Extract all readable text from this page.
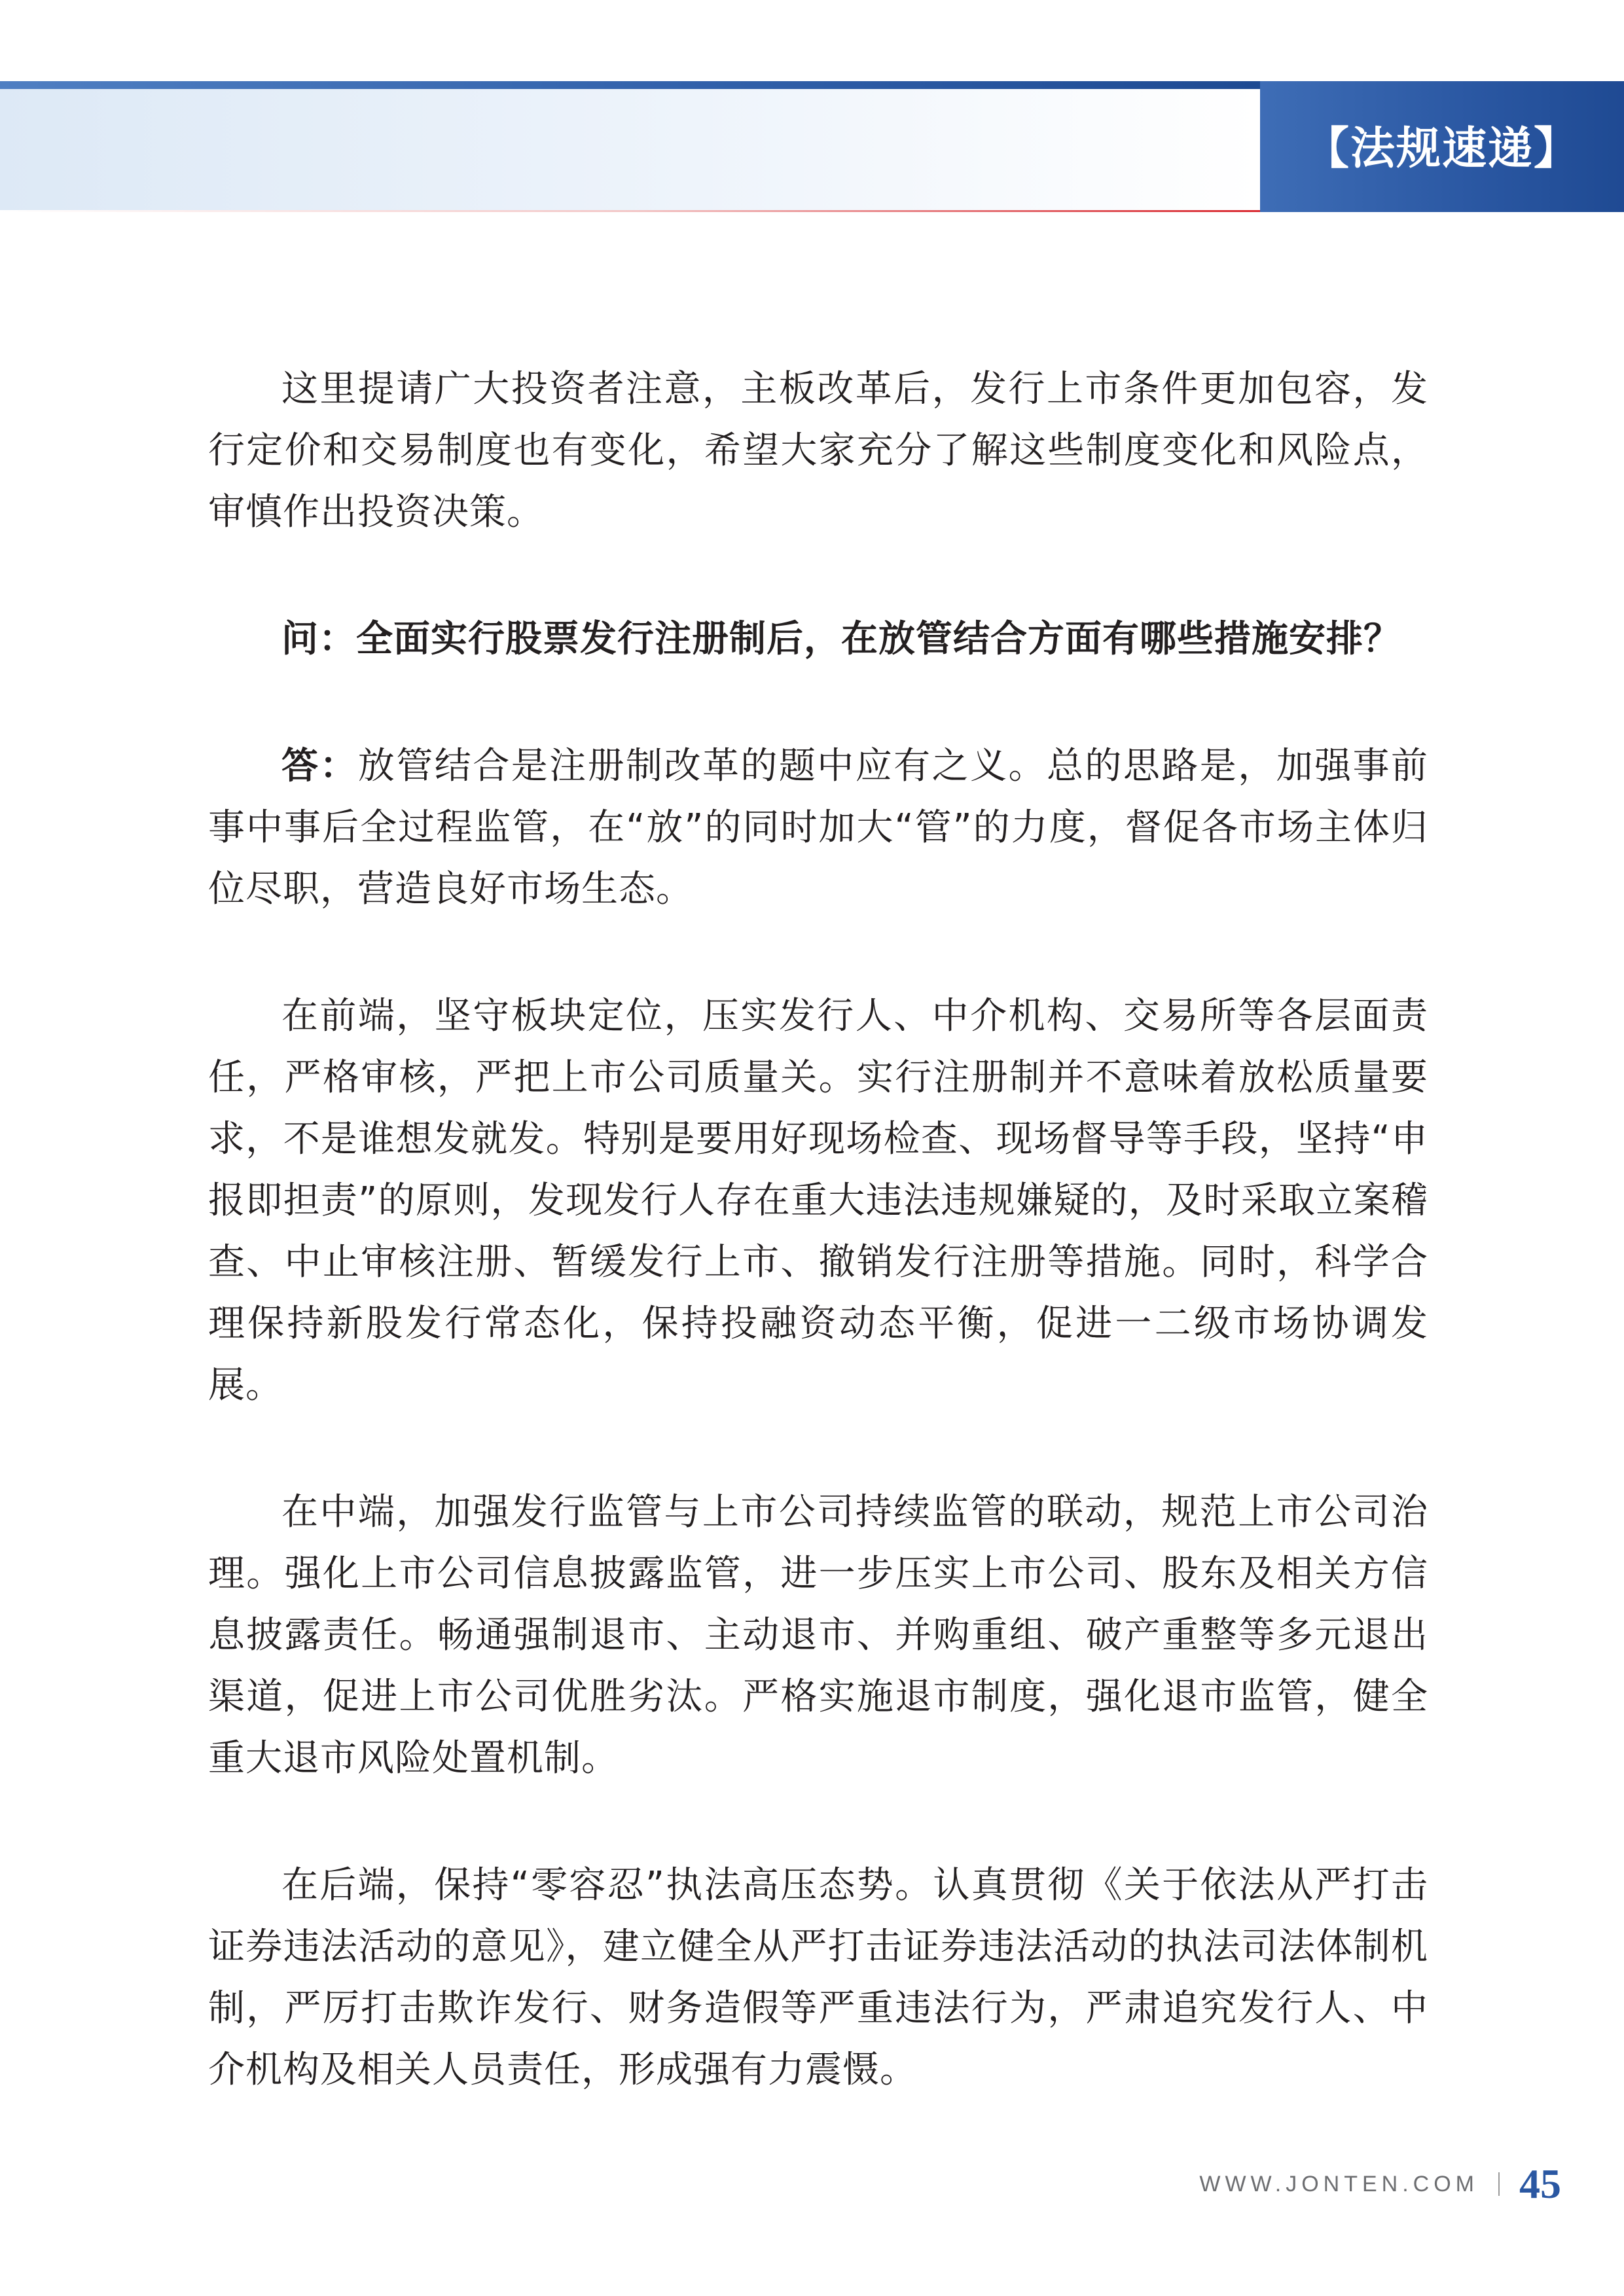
【法规速递】

这里提请广大投资者注意，主板改革后，发行上市条件更加包容，发行定价和交易制度也有变化，希望大家充分了解这些制度变化和风险点，审慎作出投资决策。

问：全面实行股票发行注册制后，在放管结合方面有哪些措施安排？

答：放管结合是注册制改革的题中应有之义。总的思路是，加强事前事中事后全过程监管，在“放”的同时加大“管”的力度，督促各市场主体归位尽职，营造良好市场生态。

在前端，坚守板块定位，压实发行人、中介机构、交易所等各层面责任，严格审核，严把上市公司质量关。实行注册制并不意味着放松质量要求，不是谁想发就发。特别是要用好现场检查、现场督导等手段，坚持“申报即担责”的原则，发现发行人存在重大违法违规嫌疑的，及时采取立案稽查、中止审核注册、暂缓发行上市、撤销发行注册等措施。同时，科学合理保持新股发行常态化，保持投融资动态平衡，促进一二级市场协调发展。

在中端，加强发行监管与上市公司持续监管的联动，规范上市公司治理。强化上市公司信息披露监管，进一步压实上市公司、股东及相关方信息披露责任。畅通强制退市、主动退市、并购重组、破产重整等多元退出渠道，促进上市公司优胜劣汰。严格实施退市制度，强化退市监管，健全重大退市风险处置机制。

在后端，保持“零容忍”执法高压态势。认真贯彻《关于依法从严打击证券违法活动的意见》，建立健全从严打击证券违法活动的执法司法体制机制，严厉打击欺诈发行、财务造假等严重违法行为，严肃追究发行人、中介机构及相关人员责任，形成强有力震慑。

WWW.JONTEN.COM 45
